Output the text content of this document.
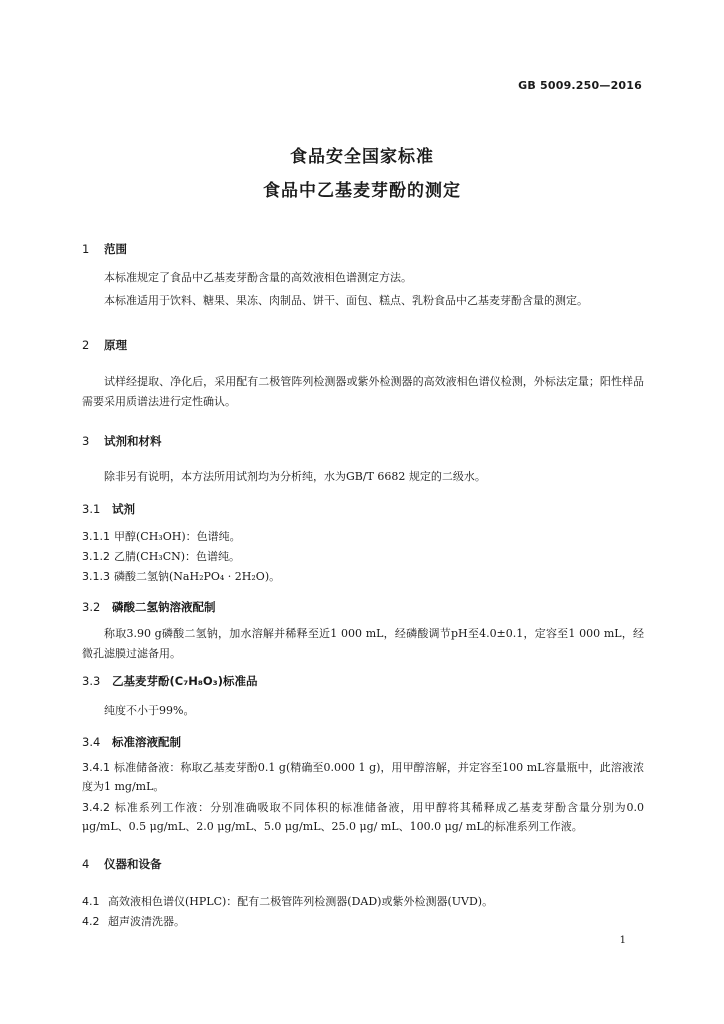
GB 5009.250—2016
食品安全国家标准
食品中乙基麦芽酚的测定
1 范围
本标准规定了食品中乙基麦芽酚含量的高效液相色谱测定方法。
本标准适用于饮料、糖果、果冻、肉制品、饼干、面包、糕点、乳粉食品中乙基麦芽酚含量的测定。
2 原理
试样经提取、净化后，采用配有二极管阵列检测器或紫外检测器的高效液相色谱仪检测，外标法定量；阳性样品需要采用质谱法进行定性确认。
3 试剂和材料
除非另有说明，本方法所用试剂均为分析纯，水为GB/T 6682 规定的二级水。
3.1 试剂
3.1.1 甲醇(CH₃OH)：色谱纯。
3.1.2 乙腈(CH₃CN)：色谱纯。
3.1.3 磷酸二氢钠(NaH₂PO₄ · 2H₂O)。
3.2 磷酸二氢钠溶液配制
称取3.90 g磷酸二氢钠，加水溶解并稀释至近1 000 mL，经磷酸调节pH至4.0±0.1，定容至1 000 mL，经微孔滤膜过滤备用。
3.3 乙基麦芽酚(C₇H₈O₃)标准品
纯度不小于99%。
3.4 标准溶液配制
3.4.1 标准储备液：称取乙基麦芽酚0.1 g(精确至0.000 1 g)，用甲醇溶解，并定容至100 mL容量瓶中，此溶液浓度为1 mg/mL。
3.4.2 标准系列工作液：分别准确吸取不同体积的标准储备液，用甲醇将其稀释成乙基麦芽酚含量分别为0.0 μg/mL、0.5 μg/mL、2.0 μg/mL、5.0 μg/mL、25.0 μg/ mL、100.0 μg/ mL的标准系列工作液。
4 仪器和设备
4.1 高效液相色谱仪(HPLC)：配有二极管阵列检测器(DAD)或紫外检测器(UVD)。
4.2 超声波清洗器。
1
